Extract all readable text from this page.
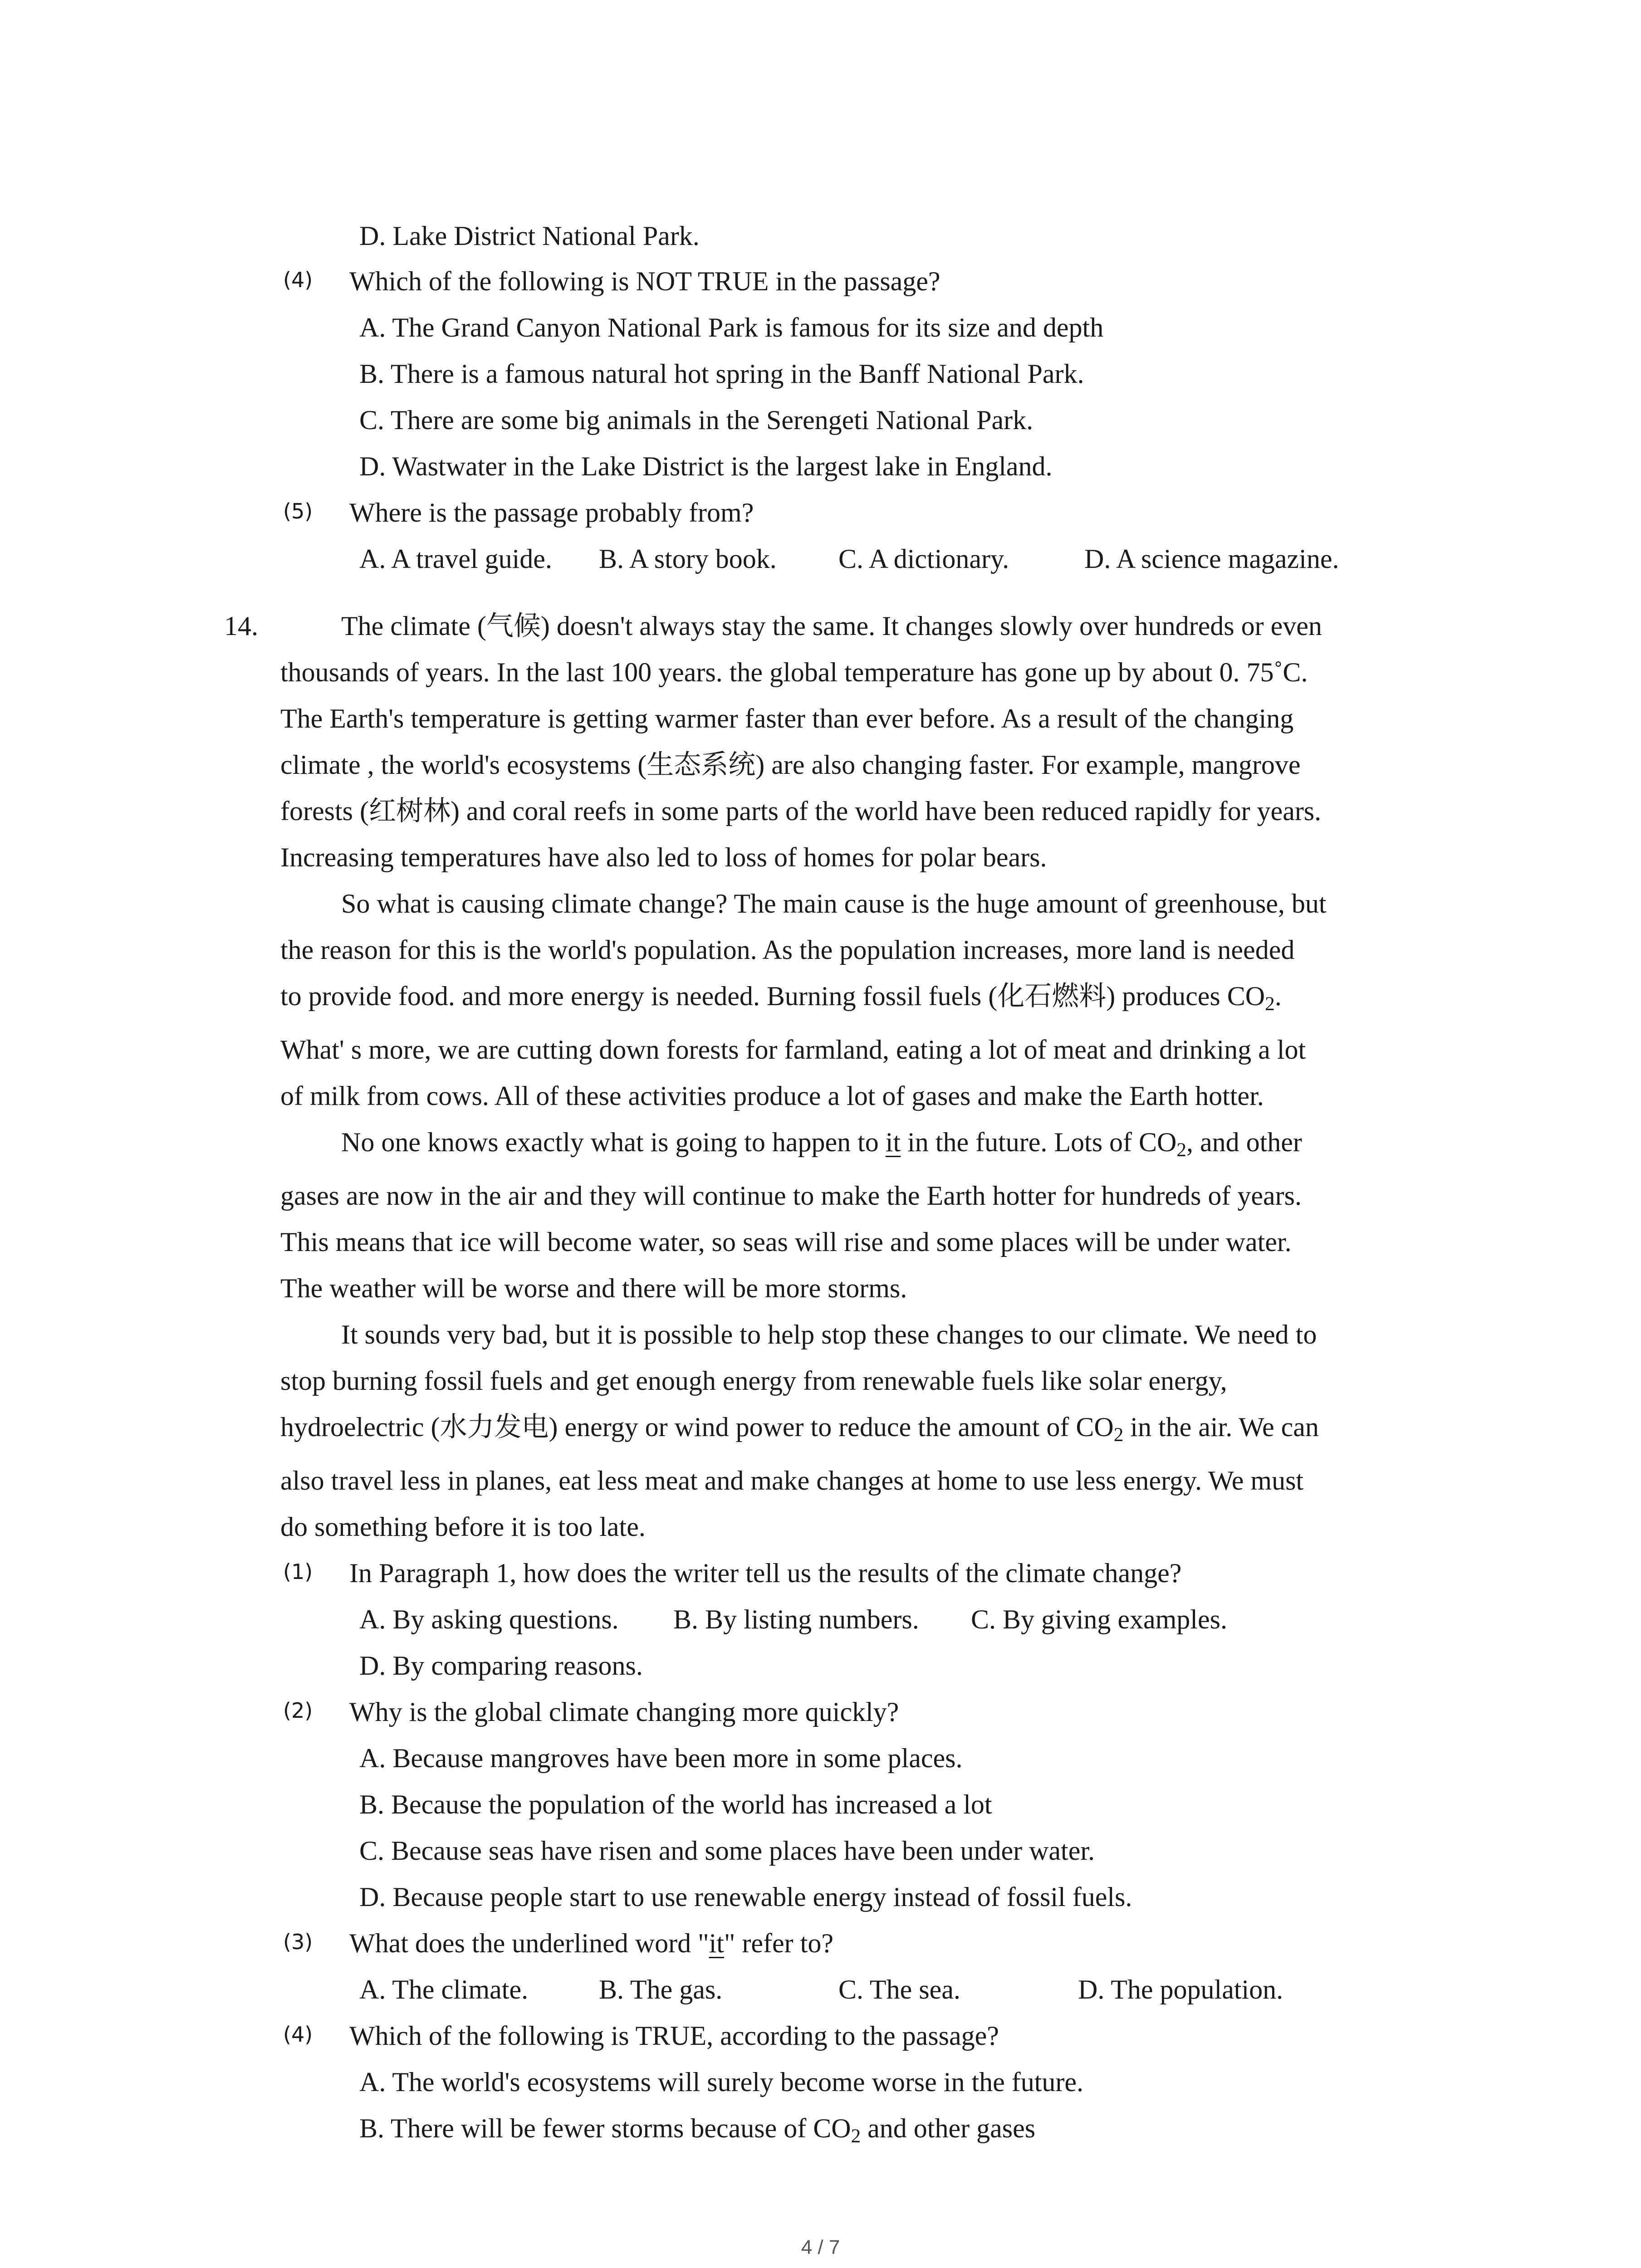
D. Lake District National Park.
(4) Which of the following is NOT TRUE in the passage?
A. The Grand Canyon National Park is famous for its size and depth
B. There is a famous natural hot spring in the Banff National Park.
C. There are some big animals in the Serengeti National Park.
D. Wastwater in the Lake District is the largest lake in England.
(5) Where is the passage probably from?
A. A travel guide. B. A story book. C. A dictionary.	D. A science magazine.
14.	The climate (气候) doesn't always stay the same. It changes slowly over hundreds or even
thousands of years. In the last 100 years. the global temperature has gone up by about 0. 75˚C.
The Earth's temperature is getting warmer faster than ever before. As a result of the changing
climate , the world's ecosystems (生态系统) are also changing faster. For example, mangrove
forests (红树林) and coral reefs in some parts of the world have been reduced rapidly for years.
Increasing temperatures have also led to loss of homes for polar bears.
So what is causing climate change? The main cause is the huge amount of greenhouse, but
the reason for this is the world's population. As the population increases, more land is needed
to provide food. and more energy is needed. Burning fossil fuels (化石燃料) produces $CO_2$.
What' s more, we are cutting down forests for farmland, eating a lot of meat and drinking a lot
of milk from cows. All of these activities produce a lot of gases and make the Earth hotter.
No one knows exactly what is going to happen to it in the future. Lots of $CO_2$, and other
gases are now in the air and they will continue to make the Earth hotter for hundreds of years.
This means that ice will become water, so seas will rise and some places will be under water.
The weather will be worse and there will be more storms.
It sounds very bad, but it is possible to help stop these changes to our climate. We need to
stop burning fossil fuels and get enough energy from renewable fuels like solar energy,
hydroelectric (水力发电) energy or wind power to reduce the amount of $CO_2$ in the air. We can
also travel less in planes, eat less meat and make changes at home to use less energy. We must
do something before it is too late.
(1) In Paragraph 1, how does the writer tell us the results of the climate change?
A. By asking questions. B. By listing numbers. C. By giving examples.
D. By comparing reasons.
(2) Why is the global climate changing more quickly?
A. Because mangroves have been more in some places.
B. Because the population of the world has increased a lot
C. Because seas have risen and some places have been under water.
D. Because people start to use renewable energy instead of fossil fuels.
(3) What does the underlined word "it" refer to?
A. The climate.	B. The gas.	C. The sea.	D. The population.
(4) Which of the following is TRUE, according to the passage?
A. The world's ecosystems will surely become worse in the future.
B. There will be fewer storms because of $CO_2$ and other gases
4 / 7
